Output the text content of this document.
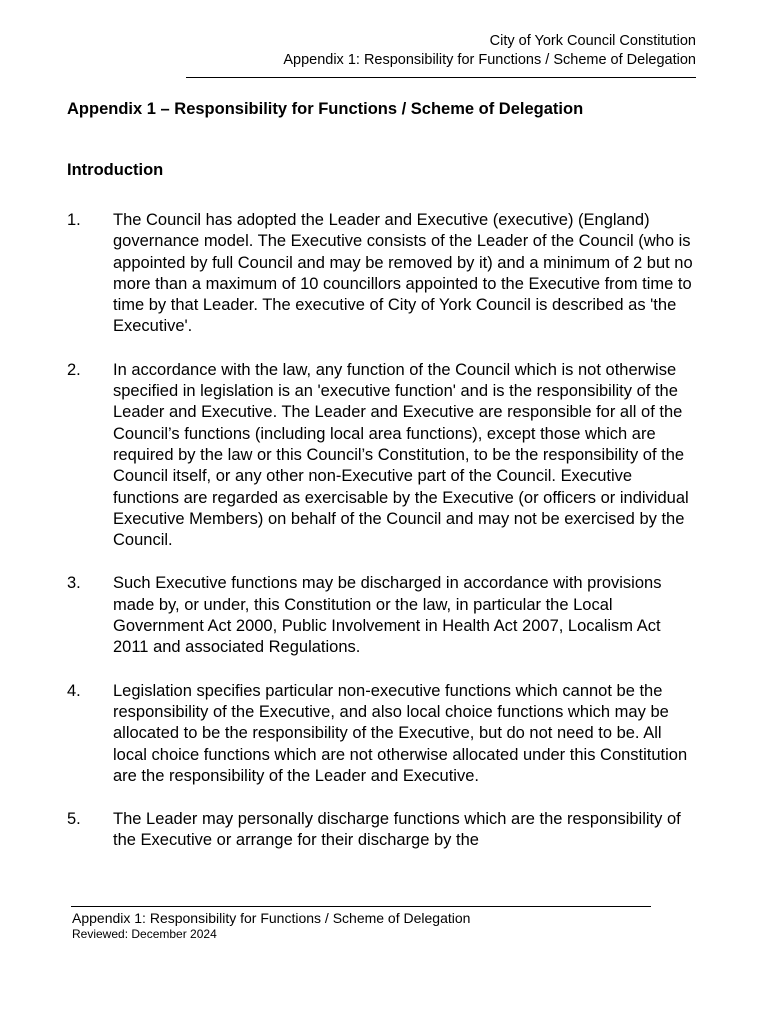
City of York Council Constitution
Appendix 1: Responsibility for Functions / Scheme of Delegation
Appendix 1 – Responsibility for Functions / Scheme of Delegation
Introduction
1.	The Council has adopted the Leader and Executive (executive) (England) governance model. The Executive consists of the Leader of the Council (who is appointed by full Council and may be removed by it) and a minimum of 2 but no more than a maximum of 10 councillors appointed to the Executive from time to time by that Leader. The executive of City of York Council is described as 'the Executive'.
2.	In accordance with the law, any function of the Council which is not otherwise specified in legislation is an 'executive function' and is the responsibility of the Leader and Executive. The Leader and Executive are responsible for all of the Council’s functions (including local area functions), except those which are required by the law or this Council’s Constitution, to be the responsibility of the Council itself, or any other non-Executive part of the Council. Executive functions are regarded as exercisable by the Executive (or officers or individual Executive Members) on behalf of the Council and may not be exercised by the Council.
3.	Such Executive functions may be discharged in accordance with provisions made by, or under, this Constitution or the law, in particular the Local Government Act 2000, Public Involvement in Health Act 2007, Localism Act 2011 and associated Regulations.
4.	Legislation specifies particular non-executive functions which cannot be the responsibility of the Executive, and also local choice functions which may be allocated to be the responsibility of the Executive, but do not need to be. All local choice functions which are not otherwise allocated under this Constitution are the responsibility of the Leader and Executive.
5.	The Leader may personally discharge functions which are the responsibility of the Executive or arrange for their discharge by the
Appendix 1: Responsibility for Functions / Scheme of Delegation
Reviewed: December 2024
